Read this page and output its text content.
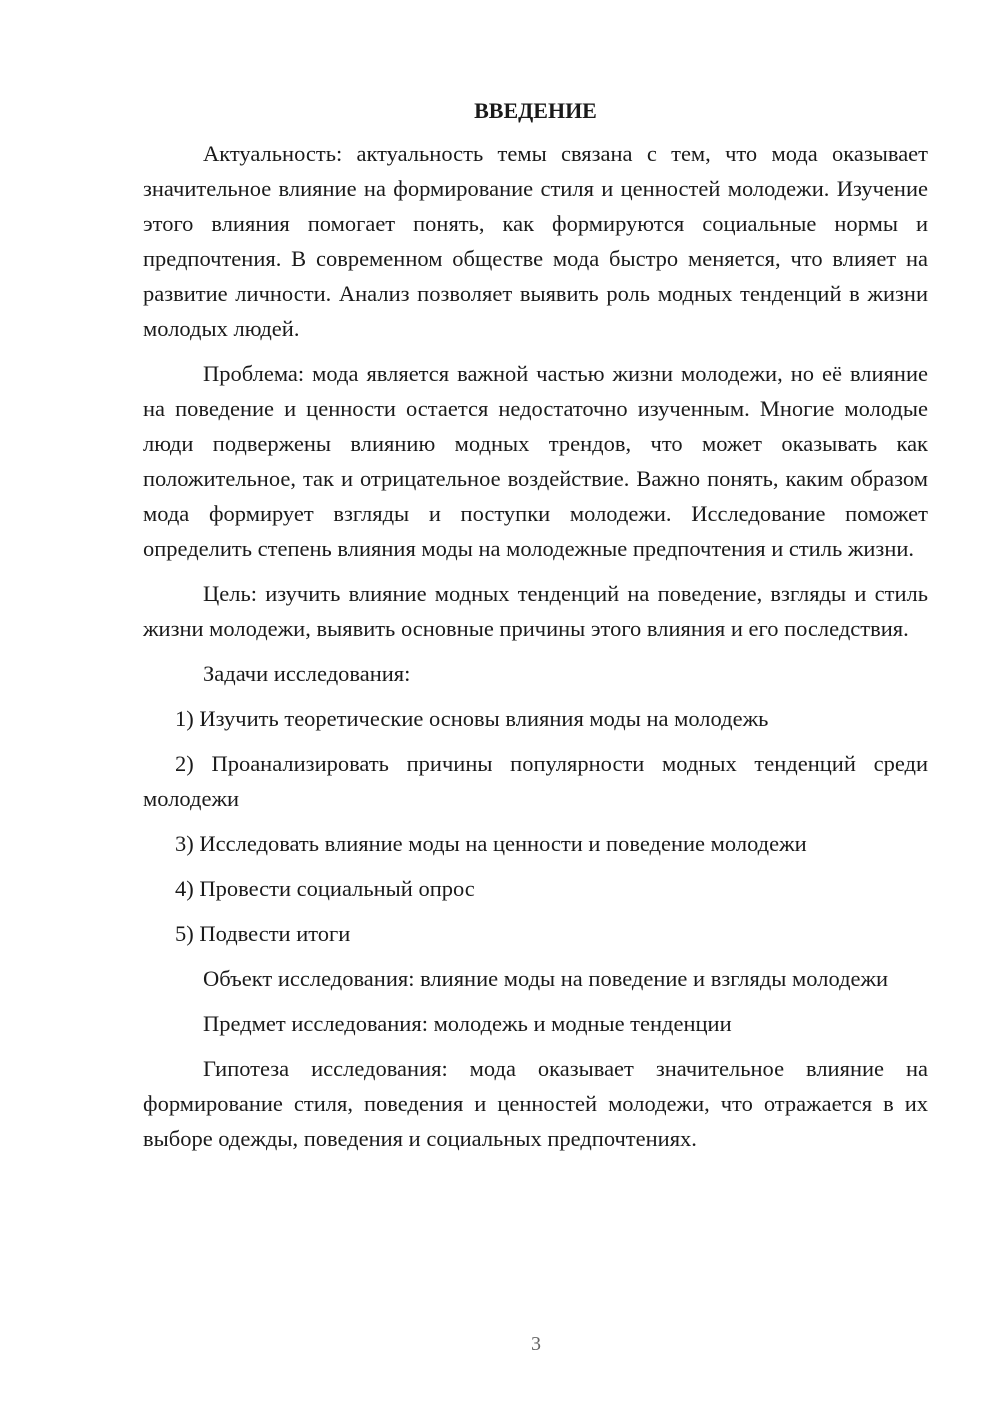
ВВЕДЕНИЕ

Актуальность: актуальность темы связана с тем, что мода оказывает значительное влияние на формирование стиля и ценностей молодежи. Изучение этого влияния помогает понять, как формируются социальные нормы и предпочтения. В современном обществе мода быстро меняется, что влияет на развитие личности. Анализ позволяет выявить роль модных тенденций в жизни молодых людей.

Проблема: мода является важной частью жизни молодежи, но её влияние на поведение и ценности остается недостаточно изученным. Многие молодые люди подвержены влиянию модных трендов, что может оказывать как положительное, так и отрицательное воздействие. Важно понять, каким образом мода формирует взгляды и поступки молодежи. Исследование поможет определить степень влияния моды на молодежные предпочтения и стиль жизни.

Цель: изучить влияние модных тенденций на поведение, взгляды и стиль жизни молодежи, выявить основные причины этого влияния и его последствия.

Задачи исследования:

1) Изучить теоретические основы влияния моды на молодежь

2) Проанализировать причины популярности модных тенденций среди молодежи

3) Исследовать влияние моды на ценности и поведение молодежи

4) Провести социальный опрос

5) Подвести итоги

Объект исследования: влияние моды на поведение и взгляды молодежи

Предмет исследования: молодежь и модные тенденции

Гипотеза исследования: мода оказывает значительное влияние на формирование стиля, поведения и ценностей молодежи, что отражается в их выборе одежды, поведения и социальных предпочтениях.

3
